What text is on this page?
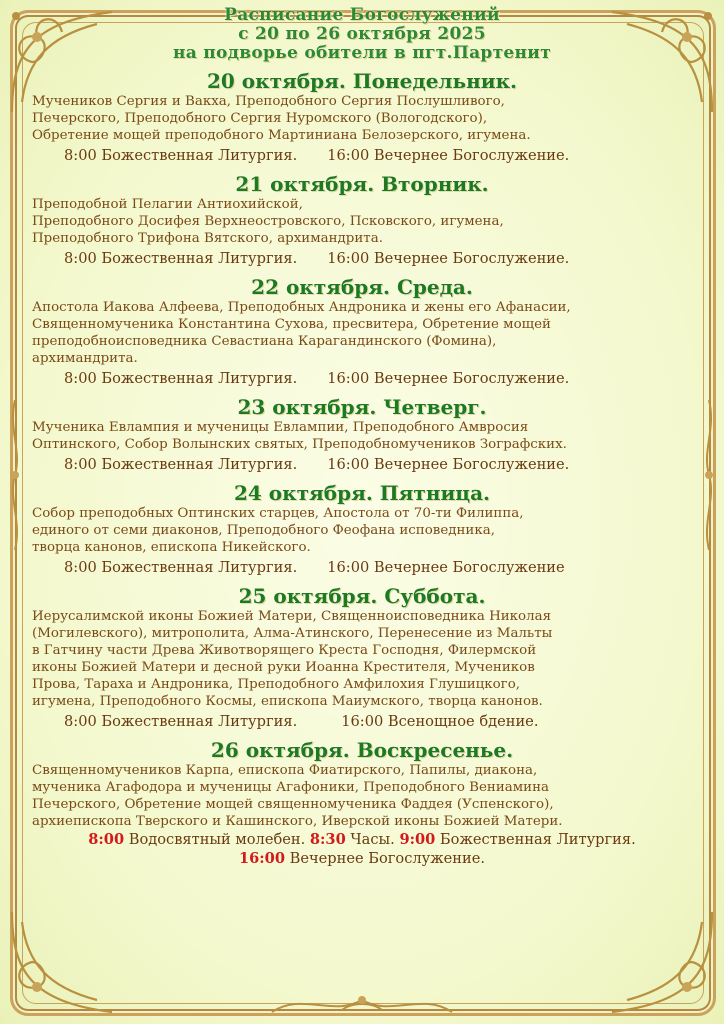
Расписание Богослужений
с 20 по 26 октября 2025
на подворье обители в пгт.Партенит
20 октября. Понедельник.
Мучеников Сергия и Вакха, Преподобного Сергия Послушливого,
Печерского, Преподобного Сергия Нуромского (Вологодского),
Обретение мощей преподобного Мартиниана Белозерского, игумена.
8:00 Божественная Литургия. 16:00 Вечернее Богослужение.
21 октября. Вторник.
Преподобной Пелагии Антиохийской,
Преподобного Досифея Верхнеостровского, Псковского, игумена,
Преподобного Трифона Вятского, архимандрита.
8:00 Божественная Литургия. 16:00 Вечернее Богослужение.
22 октября. Среда.
Апостола Иакова Алфеева, Преподобных Андроника и жены его Афанасии,
Священномученика Константина Сухова, пресвитера, Обретение мощей
преподобноисповедника Севастиана Карагандинского (Фомина),
архимандрита.
8:00 Божественная Литургия. 16:00 Вечернее Богослужение.
23 октября. Четверг.
Мученика Евлампия и мученицы Евлампии, Преподобного Амвросия
Оптинского, Собор Волынских святых, Преподобномучеников Зографских.
8:00 Божественная Литургия. 16:00 Вечернее Богослужение.
24 октября. Пятница.
Собор преподобных Оптинских старцев, Апостола от 70-ти Филиппа,
единого от семи диаконов, Преподобного Феофана исповедника,
творца канонов, епископа Никейского.
8:00 Божественная Литургия. 16:00 Вечернее Богослужение
25 октября. Суббота.
Иерусалимской иконы Божией Матери, Священноисповедника Николая
(Могилевского), митрополита, Алма-Атинского, Перенесение из Мальты
в Гатчину части Древа Животворящего Креста Господня, Филермской
иконы Божией Матери и десной руки Иоанна Крестителя, Мучеников
Прова, Тараха и Андроника, Преподобного Амфилохия Глушицкого,
игумена, Преподобного Космы, епископа Маиумского, творца канонов.
8:00 Божественная Литургия.	16:00 Всенощное бдение.
26 октября. Воскресенье.
Священномучеников Карпа, епископа Фиатирского, Папилы, диакона,
мученика Агафодора и мученицы Агафоники, Преподобного Вениамина
Печерского, Обретение мощей священномученика Фаддея (Успенского),
архиепископа Тверского и Кашинского, Иверской иконы Божией Матери.
8:00 Водосвятный молебен. 8:30 Часы. 9:00 Божественная Литургия.
16:00 Вечернее Богослужение.
